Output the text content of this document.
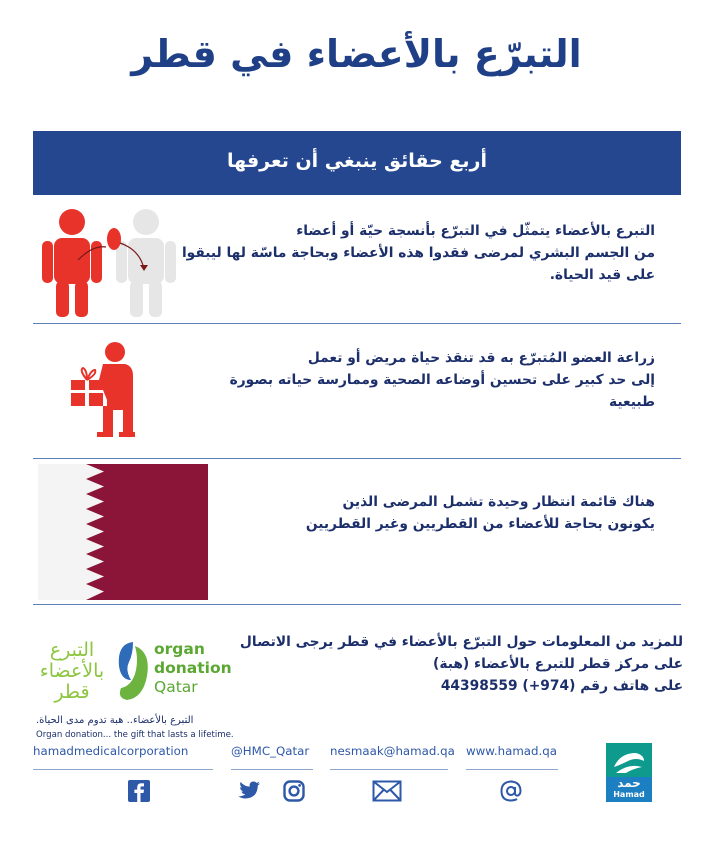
التبرّع بالأعضاء في قطر
أربع حقائق ينبغي أن تعرفها
التبرع بالأعضاء يتمثّل في التبرّع بأنسجة حيّة أو أعضاء
من الجسم البشري لمرضى فقدوا هذه الأعضاء وبحاجة ماسّة لها ليبقوا
على قيد الحياة.
زراعة العضو المُتبرّع به قد تنقذ حياة مريض أو تعمل
إلى حد كبير على تحسين أوضاعه الصحية وممارسة حياته بصورة
طبيعية
هناك قائمة انتظار وحيدة تشمل المرضى الذين
يكونون بحاجة للأعضاء من القطريين وغير القطريين
للمزيد من المعلومات حول التبرّع بالأعضاء في قطر يرجى الاتصال
على مركز قطر للتبرع بالأعضاء (هبة)
على هاتف رقم 44398559 (+974)
التبرع
بالأعضاء
قطر
organ
donation
Qatar
التبرع بالأعضاء.. هبة تدوم مدى الحياة.
Organ donation... the gift that lasts a lifetime.
hamadmedicalcorporation	@HMC_Qatar nesmaak@hamad.qa www.hamad.qa
حمد
Hamad
